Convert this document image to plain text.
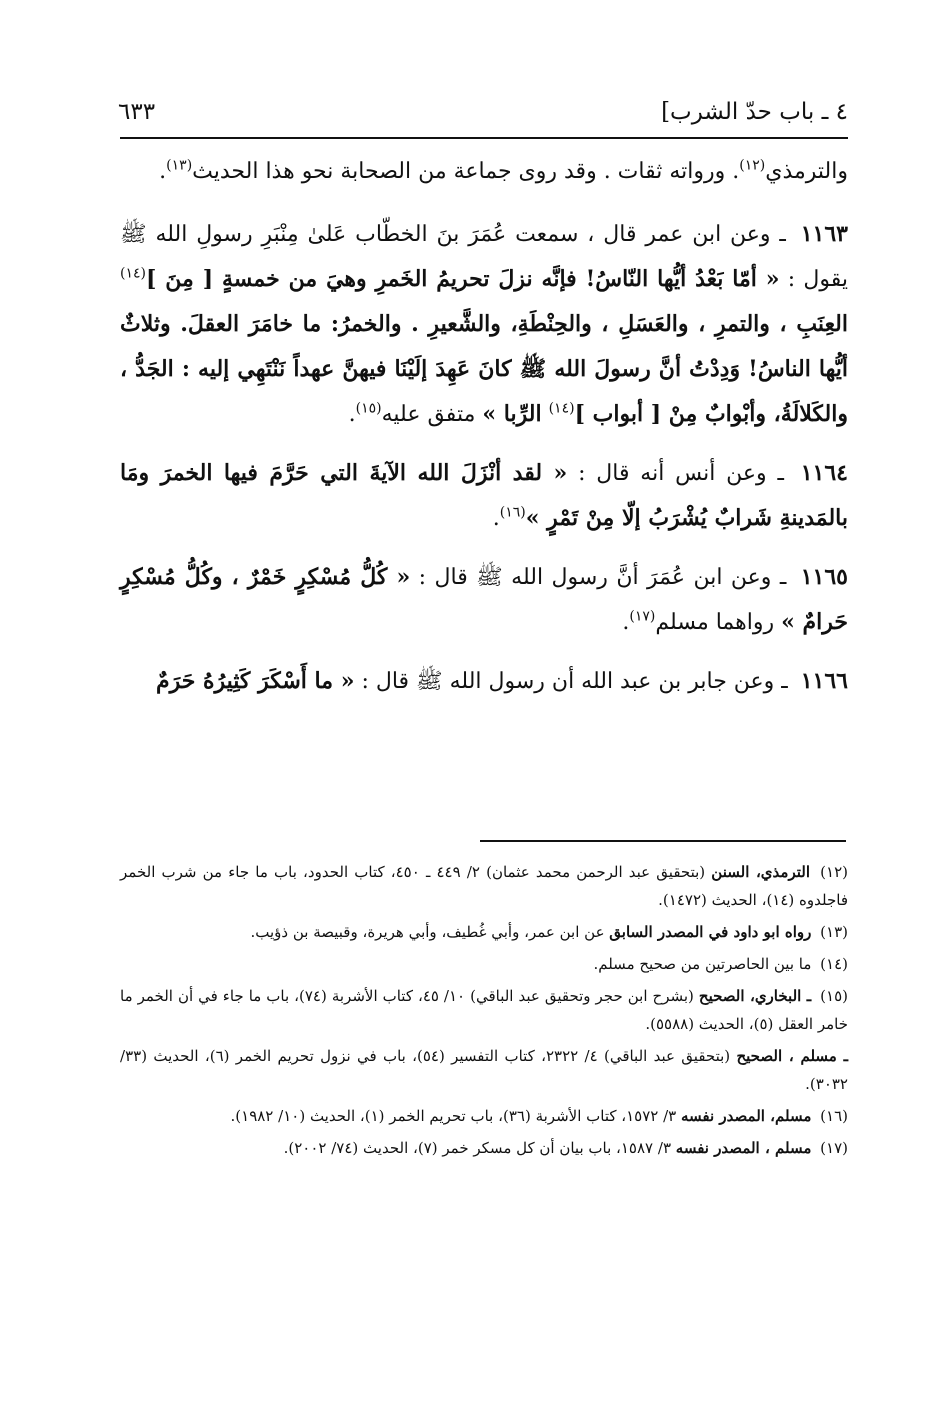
٤ ـ باب حدّ الشرب]
٦٣٣

والترمذي$^{(١٢)}$. ورواته ثقات . وقد روى جماعة من الصحابة نحو هذا الحديث$^{(١٣)}$.

١١٦٣ ـ وعن ابن عمر قال ، سمعت عُمَرَ بنَ الخطّاب عَلىٰ مِنْبَرِ رسولِ الله ﷺ يقول : « أمّا بَعْدُ أيُّها النّاسُ! فإنَّه نزلَ تحريمُ الخَمرِ وهيَ من خمسةٍ [ مِنَ ]$^{(١٤)}$ العِنَبِ ، والتمرِ ، والعَسَلِ ، والحِنْطَةِ، والشَّعيرِ . والخمرُ: ما خامَرَ العقلَ. وثلاثٌ أيُّها الناسُ! وَدِدْتُ أنَّ رسولَ الله ﷺ كانَ عَهِدَ إلَيْنَا فيهنَّ عهداً نَنْتَهِي إليه : الجَدُّ ، والكَلالَةُ، وأبْوابٌ مِنْ [ أبواب ]$^{(١٤)}$ الرِّبا » متفق عليه$^{(١٥)}$.

١١٦٤ ـ وعن أنس أنه قال : « لقد أنْزَلَ الله الآيةَ التي حَرَّمَ فيها الخمرَ ومَا بالمَدينةِ شَرابٌ يُشْرَبُ إلّا مِنْ تَمْرٍ »$^{(١٦)}$.

١١٦٥ ـ وعن ابن عُمَرَ أنَّ رسول الله ﷺ قال : « كُلُّ مُسْكِرٍ خَمْرٌ ، وكُلُّ مُسْكِرٍ حَرامٌ » رواهما مسلم$^{(١٧)}$.

١١٦٦ ـ وعن جابر بن عبد الله أن رسول الله ﷺ قال : « ما أَسْكَرَ كَثِيرُهُ حَرَمٌ

(١٢) الترمذي، السنن (بتحقيق عبد الرحمن محمد عثمان) ٢/ ٤٤٩ ـ ٤٥٠، كتاب الحدود، باب ما جاء من شرب الخمر فاجلدوه (١٤)، الحديث (١٤٧٢).

(١٣) رواه ابو داود في المصدر السابق عن ابن عمر، وأبي غُطيف، وأبي هريرة، وقبيصة بن ذؤيب.

(١٤) ما بين الحاصرتين من صحيح مسلم.

(١٥) ـ البخاري، الصحيح (بشرح ابن حجر وتحقيق عبد الباقي) ١٠/ ٤٥، كتاب الأشربة (٧٤)، باب ما جاء في أن الخمر ما خامر العقل (٥)، الحديث (٥٥٨٨).

ـ مسلم ، الصحيح (بتحقيق عبد الباقي) ٤/ ٢٣٢٢، كتاب التفسير (٥٤)، باب في نزول تحريم الخمر (٦)، الحديث (٣٣/ ٣٠٣٢).

(١٦) مسلم، المصدر نفسه ٣/ ١٥٧٢، كتاب الأشربة (٣٦)، باب تحريم الخمر (١)، الحديث (١٠/ ١٩٨٢).

(١٧) مسلم ، المصدر نفسه ٣/ ١٥٨٧، باب بيان أن كل مسكر خمر (٧)، الحديث (٧٤/ ٢٠٠٢).
